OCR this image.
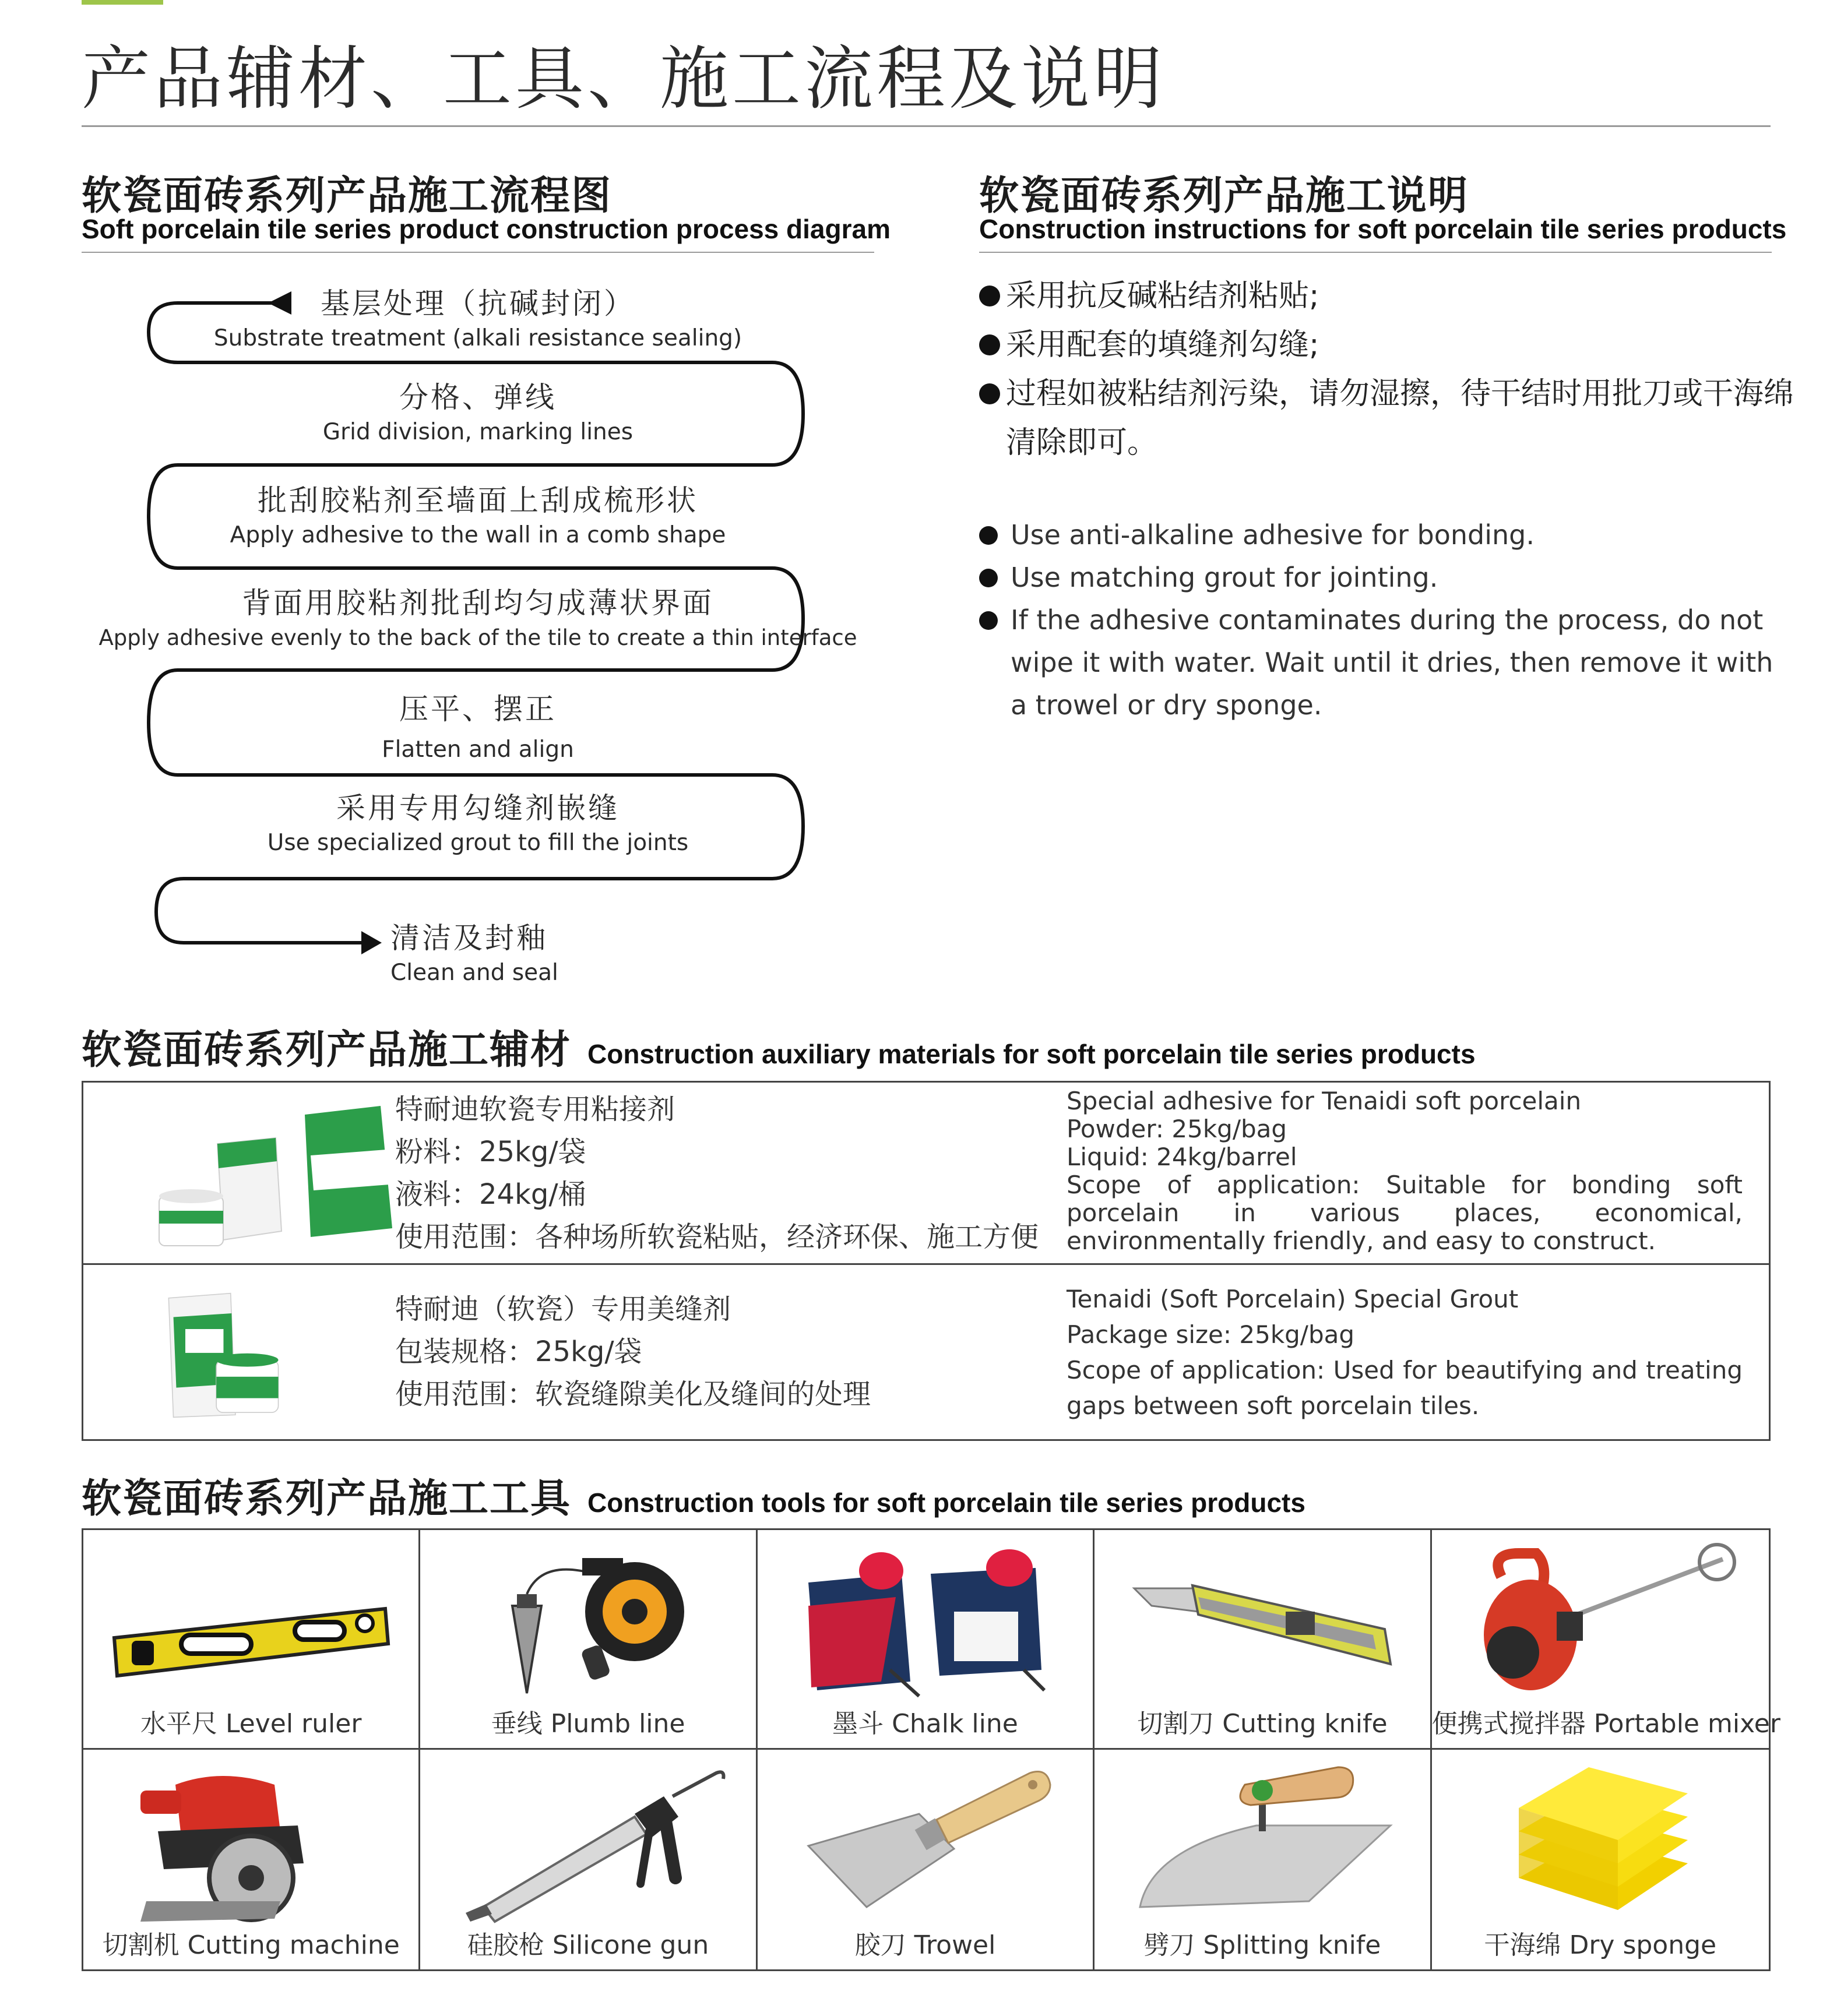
产品辅材、工具、施工流程及说明
软瓷面砖系列产品施工流程图
Soft porcelain tile series product construction process diagram
软瓷面砖系列产品施工说明
Construction instructions for soft porcelain tile series products
基层处理（抗碱封闭）
Substrate treatment (alkali resistance sealing)
分格、弹线
Grid division, marking lines
批刮胶粘剂至墙面上刮成梳形状
Apply adhesive to the wall in a comb shape
背面用胶粘剂批刮均匀成薄状界面
Apply adhesive evenly to the back of the tile to create a thin interface
压平、摆正
Flatten and align
采用专用勾缝剂嵌缝
Use specialized grout to fill the joints
清洁及封釉
Clean and seal
采用抗反碱粘结剂粘贴;
采用配套的填缝剂勾缝;
过程如被粘结剂污染，请勿湿擦，待干结时用批刀或干海绵清除即可。
Use anti-alkaline adhesive for bonding.
Use matching grout for jointing.
If the adhesive contaminates during the process, do not wipe it with water. Wait until it dries, then remove it with a trowel or dry sponge.
软瓷面砖系列产品施工辅材 Construction auxiliary materials for soft porcelain tile series products
特耐迪软瓷专用粘接剂
粉料：25kg/袋
液料：24kg/桶
使用范围：各种场所软瓷粘贴，经济环保、施工方便
Special adhesive for Tenaidi soft porcelain
Powder: 25kg/bag
Liquid: 24kg/barrel
Scope of application: Suitable for bonding soft porcelain in various places, economical, environmentally friendly, and easy to construct.
特耐迪（软瓷）专用美缝剂
包装规格：25kg/袋
使用范围：软瓷缝隙美化及缝间的处理
Tenaidi (Soft Porcelain) Special Grout
Package size: 25kg/bag
Scope of application: Used for beautifying and treating gaps between soft porcelain tiles.
软瓷面砖系列产品施工工具 Construction tools for soft porcelain tile series products
水平尺 Level ruler	垂线 Plumb line	墨斗 Chalk line	切割刀 Cutting knife	便携式搅拌器 Portable mixer
切割机 Cutting machine	硅胶枪 Silicone gun	胶刀 Trowel	劈刀 Splitting knife	干海绵 Dry sponge
